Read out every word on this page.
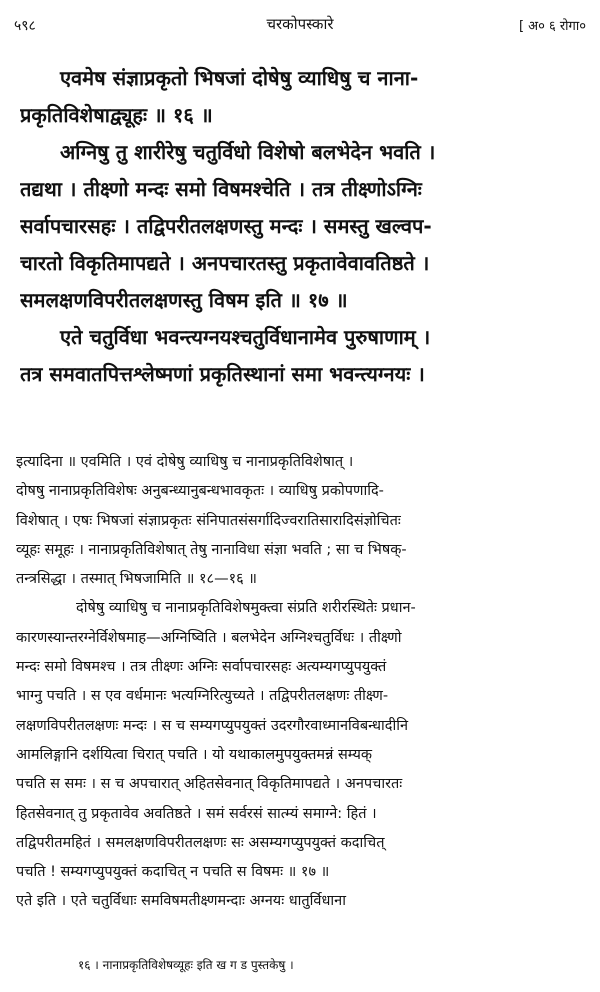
५९८	चरकोपस्कारे	[ अ० ६ रोगा०

एवमेष संज्ञाप्रकृतो भिषजां दोषेषु व्याधिषु च नाना-

प्रकृतिविशेषाद्व्यूहः ॥ १६ ॥

अग्निषु तु शारीरेषु चतुर्विधो विशेषो बलभेदेन भवति ।

तद्यथा । तीक्ष्णो मन्दः समो विषमश्चेति । तत्र तीक्ष्णोऽग्निः

सर्वापचारसहः । तद्विपरीतलक्षणस्तु मन्दः । समस्तु खल्वप-

चारतो विकृतिमापद्यते । अनपचारतस्तु प्रकृतावेवावतिष्ठते ।

समलक्षणविपरीतलक्षणस्तु विषम इति ॥ १७ ॥

एते चतुर्विधा भवन्त्यग्नयश्चतुर्विधानामेव पुरुषाणाम् ।

तत्र समवातपित्तश्लेष्मणां प्रकृतिस्थानां समा भवन्त्यग्नयः ।

इत्यादिना ॥ एवमिति । एवं दोषेषु व्याधिषु च नानाप्रकृतिविशेषात् ।

दोषषु नानाप्रकृतिविशेषः अनुबन्ध्यानुबन्धभावकृतः । व्याधिषु प्रकोपणादि-

विशेषात् । एषः भिषजां संज्ञाप्रकृतः संनिपातसंसर्गादिज्वरातिसारादिसंज्ञोचितः

व्यूहः समूहः । नानाप्रकृतिविशेषात् तेषु नानाविधा संज्ञा भवति ; सा च भिषक्-

तन्त्रसिद्धा । तस्मात् भिषजामिति ॥ १८—१६ ॥

दोषेषु व्याधिषु च नानाप्रकृतिविशेषमुक्त्वा संप्रति शरीरस्थितेः प्रधान-

कारणस्यान्तरग्नेर्विशेषमाह—अग्निष्विति । बलभेदेन अग्निश्चतुर्विधः । तीक्ष्णो

मन्दः समो विषमश्च । तत्र तीक्ष्णः अग्निः सर्वापचारसहः अत्यम्यगप्युपयुक्तं

भाग्नु पचति । स एव वर्धमानः भत्यग्निरित्युच्यते । तद्विपरीतलक्षणः तीक्ष्ण-

लक्षणविपरीतलक्षणः मन्दः । स च सम्यगप्युपयुक्तं उदरगौरवाध्मानविबन्धादीनि

आमलिङ्गानि दर्शयित्वा चिरात् पचति । यो यथाकालमुपयुक्तमन्नं सम्यक्

पचति स समः । स च अपचारात् अहितसेवनात् विकृतिमापद्यते । अनपचारतः

हितसेवनात् तु प्रकृतावेव अवतिष्ठते । समं सर्वरसं सात्म्यं समाग्ने: हितं ।

तद्विपरीतमहितं । समलक्षणविपरीतलक्षणः सः असम्यगप्युपयुक्तं कदाचित्

पचति ! सम्यगप्युपयुक्तं कदाचित् न पचति स विषमः ॥ १७ ॥

एते इति । एते चतुर्विधाः समविषमतीक्ष्णमन्दाः अग्नयः धातुर्विधाना

१६ । नानाप्रकृतिविशेषव्यूहः इति ख ग ड पुस्तकेषु ।
